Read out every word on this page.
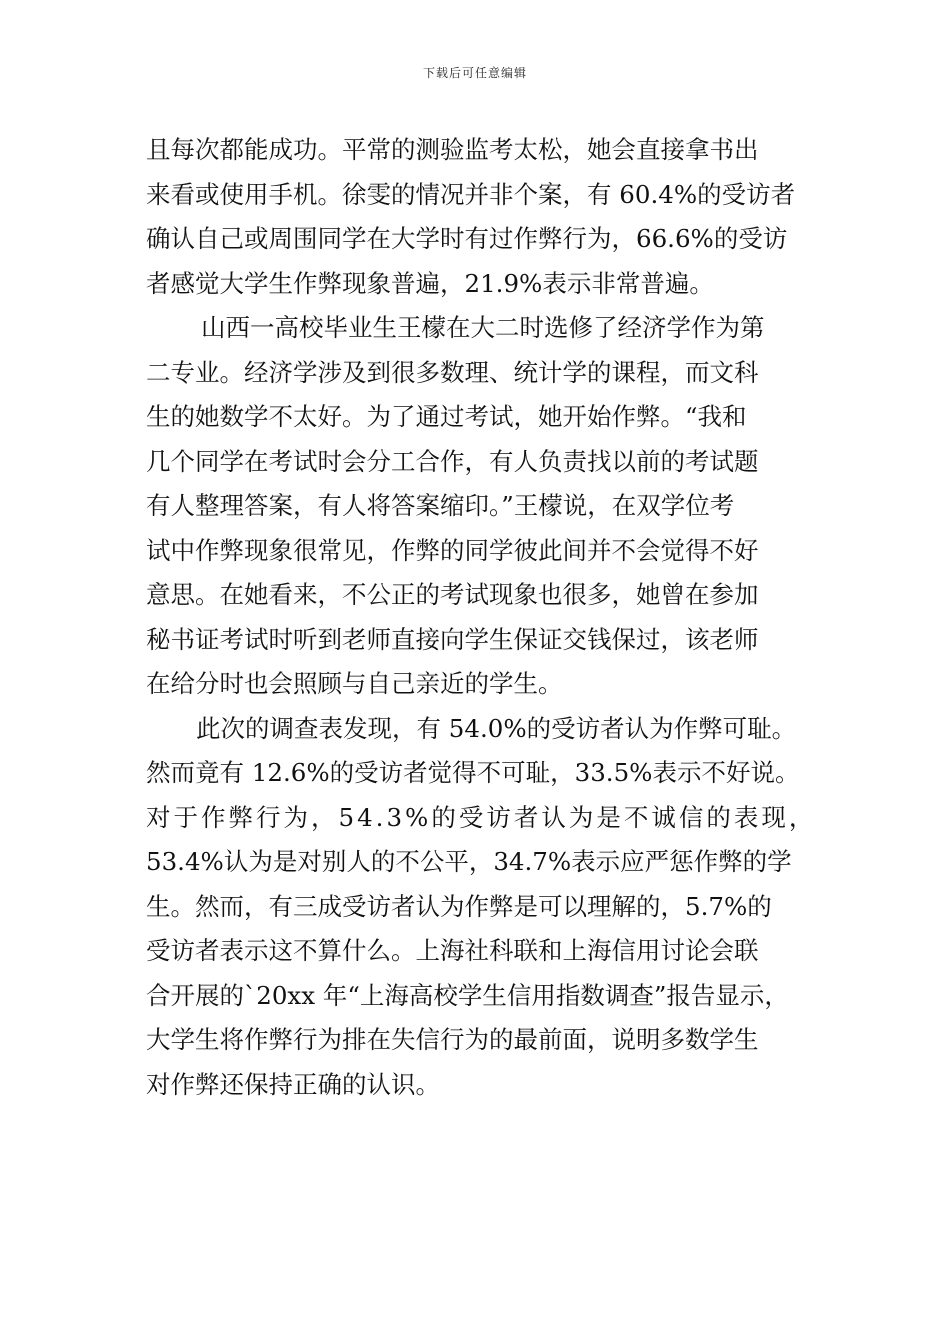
下载后可任意编辑
且每次都能成功。平常的测验监考太松，她会直接拿书出
来看或使用手机。徐雯的情况并非个案，有 60.4%的受访者
确认自己或周围同学在大学时有过作弊行为，66.6%的受访
者感觉大学生作弊现象普遍，21.9%表示非常普遍。
山西一高校毕业生王檬在大二时选修了经济学作为第
二专业。经济学涉及到很多数理、统计学的课程，而文科
生的她数学不太好。为了通过考试，她开始作弊。“我和
几个同学在考试时会分工合作，有人负责找以前的考试题
有人整理答案，有人将答案缩印。”王檬说，在双学位考
试中作弊现象很常见，作弊的同学彼此间并不会觉得不好
意思。在她看来，不公正的考试现象也很多，她曾在参加
秘书证考试时听到老师直接向学生保证交钱保过，该老师
在给分时也会照顾与自己亲近的学生。
此次的调查表发现，有 54.0%的受访者认为作弊可耻。
然而竟有 12.6%的受访者觉得不可耻，33.5%表示不好说。
对于作弊行为，54.3%的受访者认为是不诚信的表现，
53.4%认为是对别人的不公平，34.7%表示应严惩作弊的学
生。然而，有三成受访者认为作弊是可以理解的，5.7%的
受访者表示这不算什么。上海社科联和上海信用讨论会联
合开展的`20xx 年“上海高校学生信用指数调查”报告显示，
大学生将作弊行为排在失信行为的最前面，说明多数学生
对作弊还保持正确的认识。
